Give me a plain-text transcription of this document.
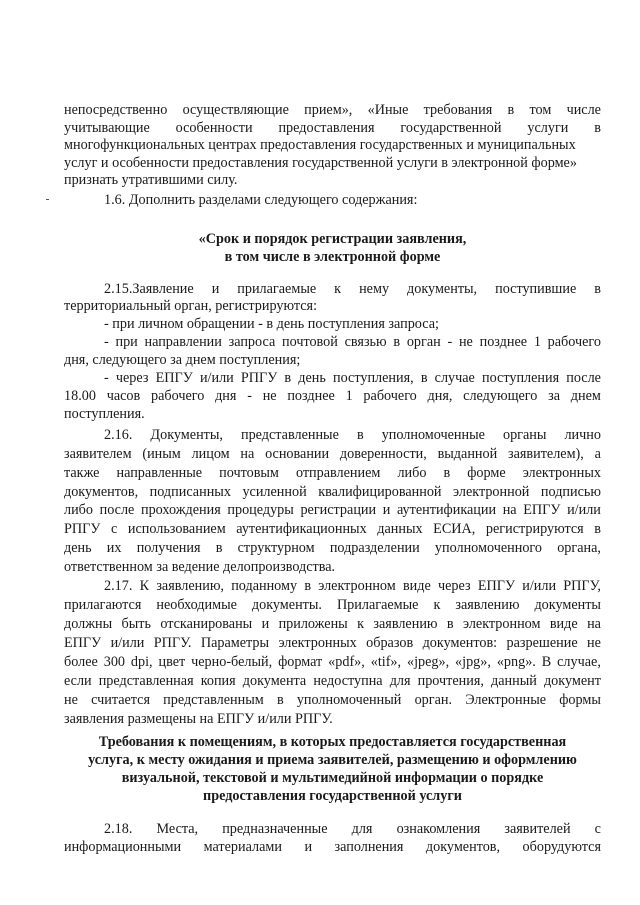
непосредственно осуществляющие прием», «Иные требования в том числе
учитывающие особенности предоставления государственной услуги в
многофункциональных центрах предоставления государственных и муниципальных
услуг и особенности предоставления государственной услуги в электронной форме»
признать утратившими силу.
1.6. Дополнить разделами следующего содержания:
«Срок и порядок регистрации заявления,
в том числе в электронной форме
2.15.Заявление и прилагаемые к нему документы, поступившие в
территориальный орган, регистрируются:
- при личном обращении - в день поступления запроса;
- при направлении запроса почтовой связью в орган - не позднее 1 рабочего
дня, следующего за днем поступления;
- через ЕПГУ и/или РПГУ в день поступления, в случае поступления после
18.00 часов рабочего дня - не позднее 1 рабочего дня, следующего за днем
поступления.
2.16. Документы, представленные в уполномоченные органы лично
заявителем (иным лицом на основании доверенности, выданной заявителем), а
также направленные почтовым отправлением либо в форме электронных
документов, подписанных усиленной квалифицированной электронной подписью
либо после прохождения процедуры регистрации и аутентификации на ЕПГУ и/или
РПГУ с использованием аутентификационных данных ЕСИА, регистрируются в
день их получения в структурном подразделении уполномоченного органа,
ответственном за ведение делопроизводства.
2.17. К заявлению, поданному в электронном виде через ЕПГУ и/или РПГУ,
прилагаются необходимые документы. Прилагаемые к заявлению документы
должны быть отсканированы и приложены к заявлению в электронном виде на
ЕПГУ и/или РПГУ. Параметры электронных образов документов: разрешение не
более 300 dpi, цвет черно-белый, формат «pdf», «tif», «jpeg», «jpg», «png». В случае,
если представленная копия документа недоступна для прочтения, данный документ
не считается представленным в уполномоченный орган. Электронные формы
заявления размещены на ЕПГУ и/или РПГУ.
Требования к помещениям, в которых предоставляется государственная
услуга, к месту ожидания и приема заявителей, размещению и оформлению
визуальной, текстовой и мультимедийной информации о порядке
предоставления государственной услуги
2.18. Места, предназначенные для ознакомления заявителей с
информационными материалами и заполнения документов, оборудуются
